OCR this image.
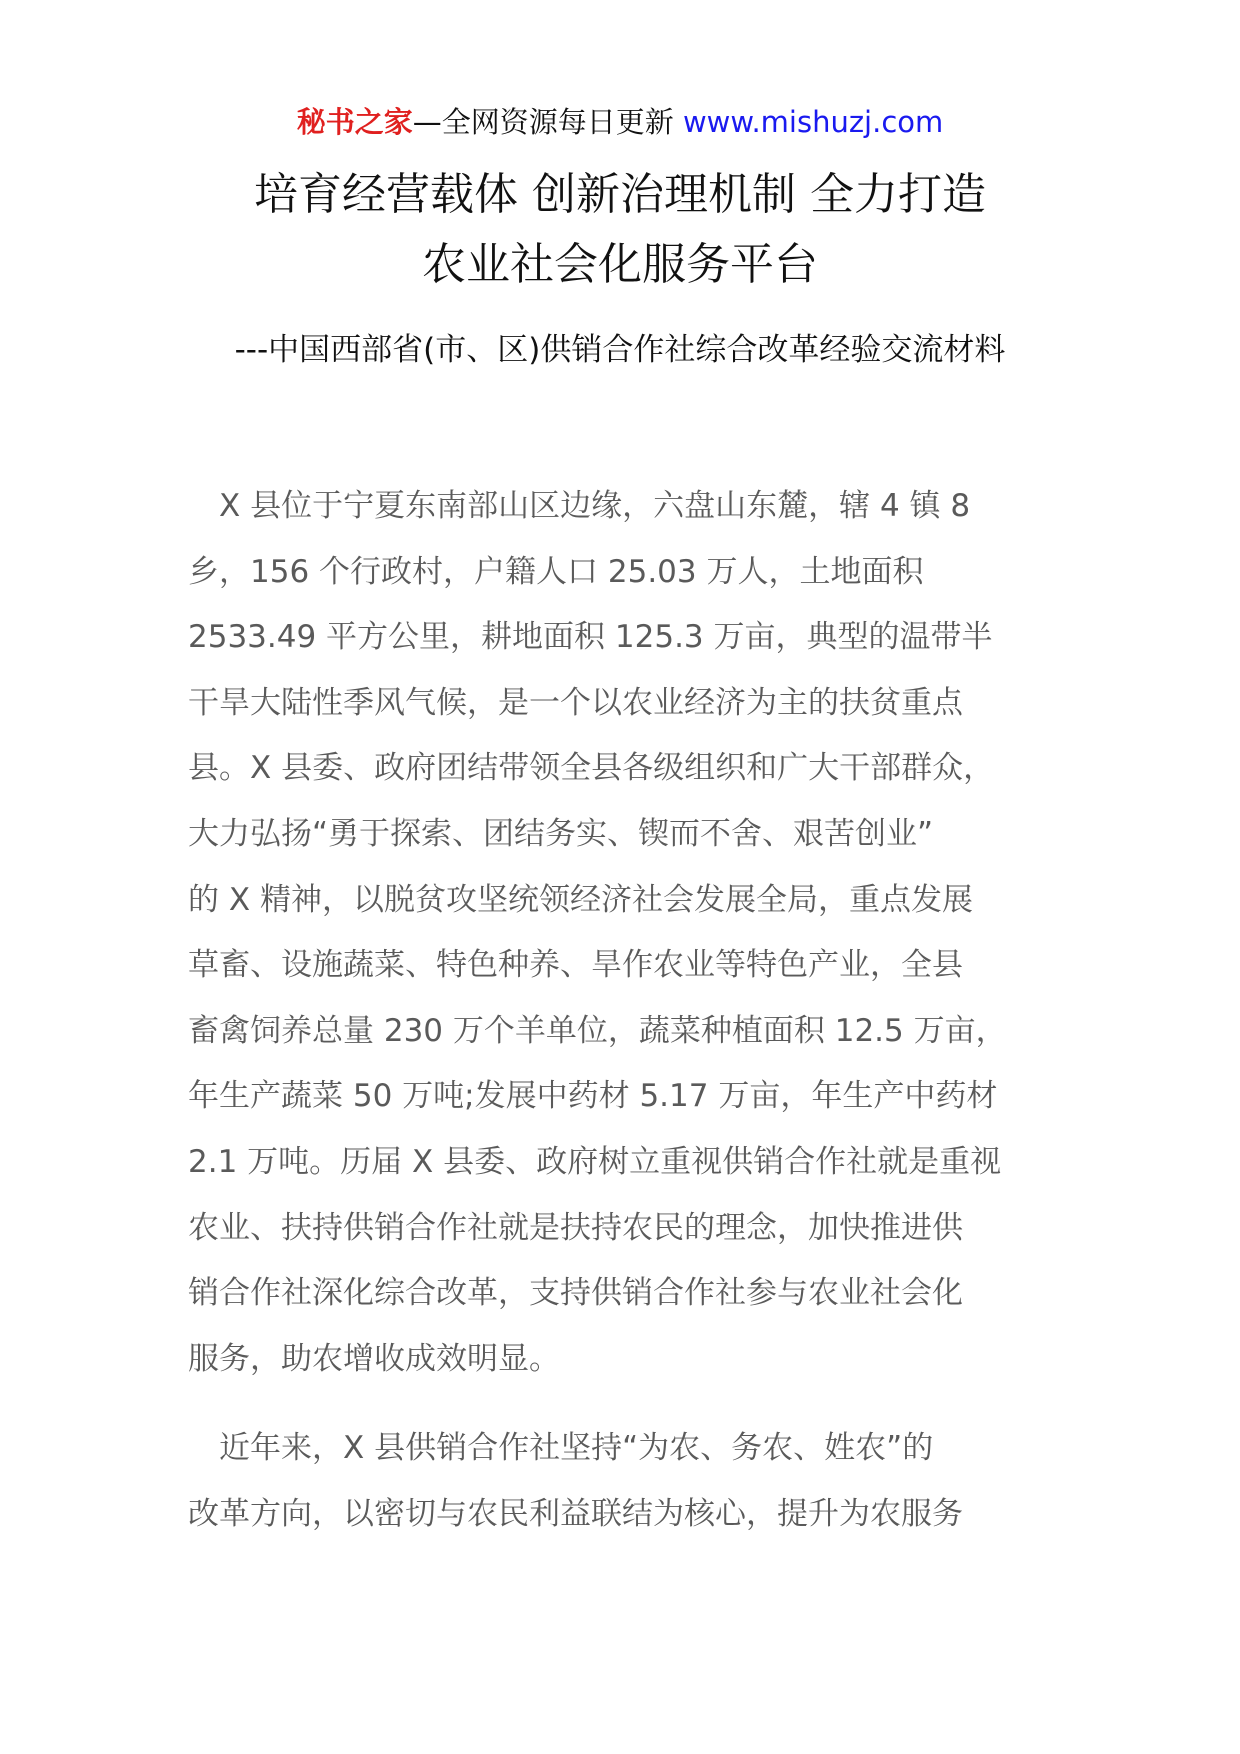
秘书之家—全网资源每日更新 www.mishuzj.com
培育经营载体 创新治理机制 全力打造
农业社会化服务平台
---中国西部省(市、区)供销合作社综合改革经验交流材料
　X 县位于宁夏东南部山区边缘，六盘山东麓，辖 4 镇 8
乡，156 个行政村，户籍人口 25.03 万人，土地面积
2533.49 平方公里，耕地面积 125.3 万亩，典型的温带半
干旱大陆性季风气候，是一个以农业经济为主的扶贫重点
县。X 县委、政府团结带领全县各级组织和广大干部群众，
大力弘扬“勇于探索、团结务实、锲而不舍、艰苦创业”
的 X 精神，以脱贫攻坚统领经济社会发展全局，重点发展
草畜、设施蔬菜、特色种养、旱作农业等特色产业，全县
畜禽饲养总量 230 万个羊单位，蔬菜种植面积 12.5 万亩，
年生产蔬菜 50 万吨;发展中药材 5.17 万亩，年生产中药材
2.1 万吨。历届 X 县委、政府树立重视供销合作社就是重视
农业、扶持供销合作社就是扶持农民的理念，加快推进供
销合作社深化综合改革，支持供销合作社参与农业社会化
服务，助农增收成效明显。
　近年来，X 县供销合作社坚持“为农、务农、姓农”的
改革方向，以密切与农民利益联结为核心，提升为农服务
